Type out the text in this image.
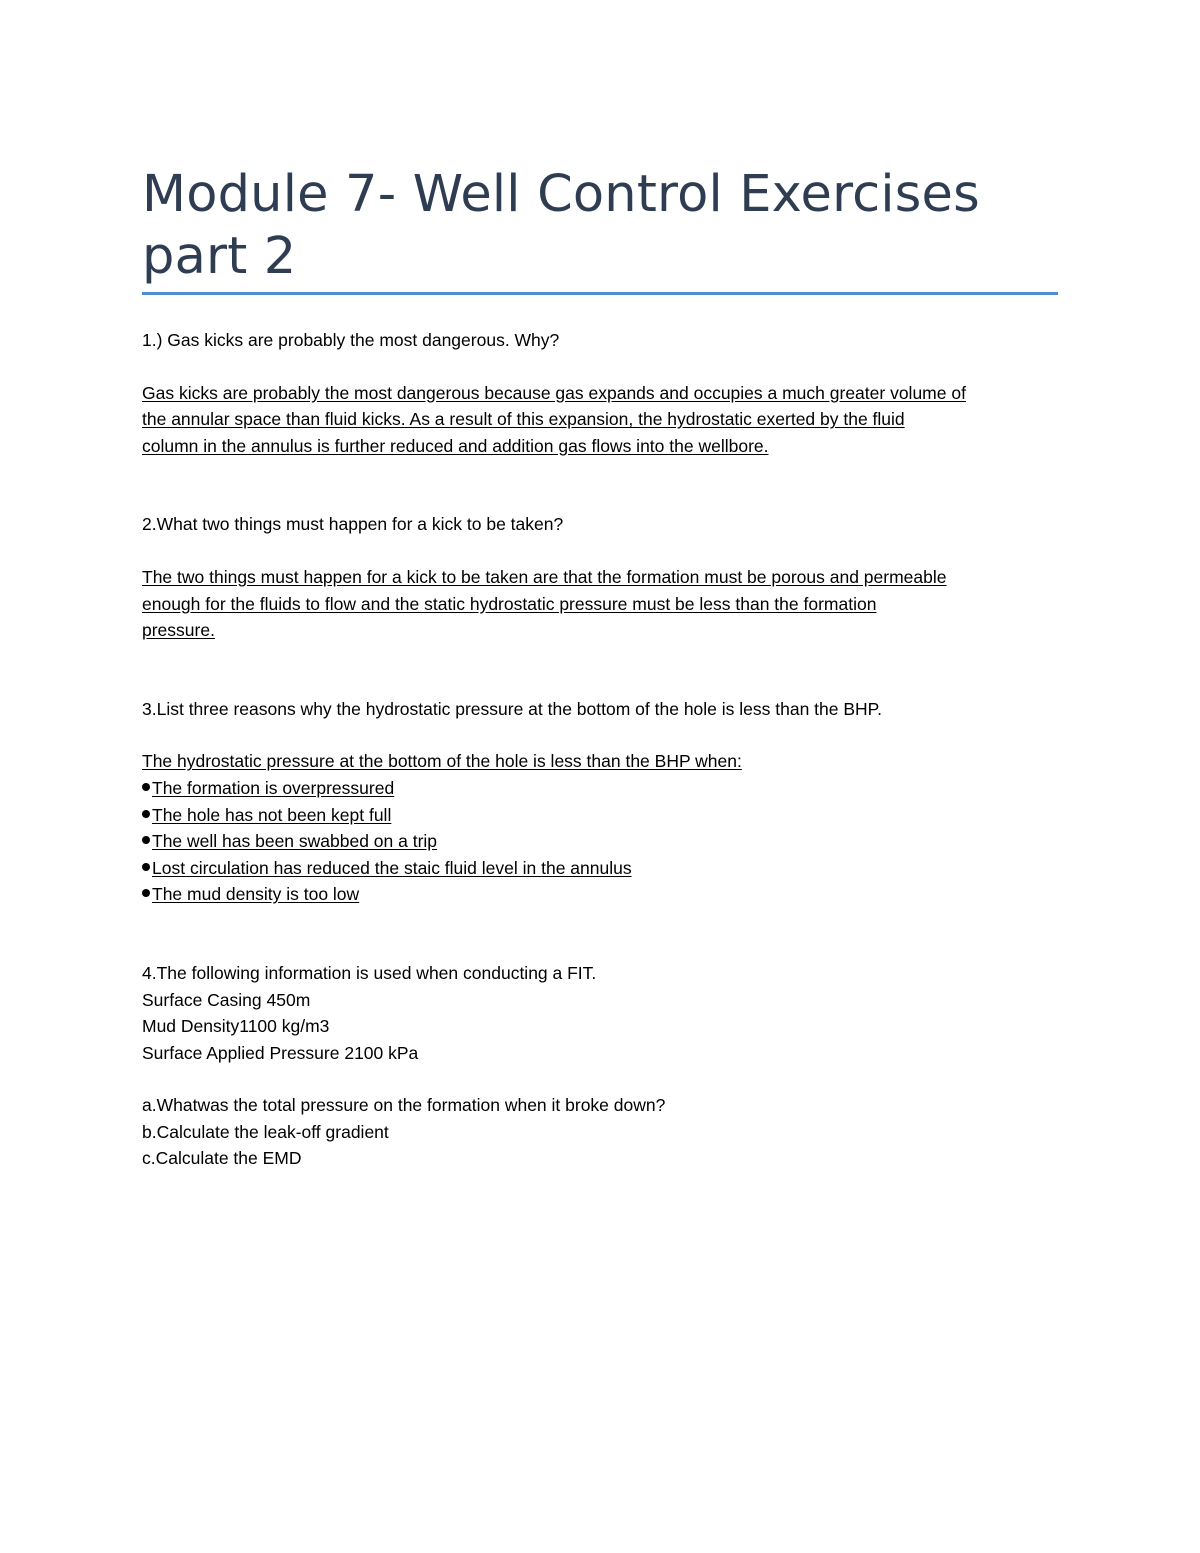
Module 7- Well Control Exercises
part 2

1.) Gas kicks are probably the most dangerous. Why?

Gas kicks are probably the most dangerous because gas expands and occupies a much greater volume of

the annular space than fluid kicks. As a result of this expansion, the hydrostatic exerted by the fluid

column in the annulus is further reduced and addition gas flows into the wellbore.

2.What two things must happen for a kick to be taken?

The two things must happen for a kick to be taken are that the formation must be porous and permeable

enough for the fluids to flow and the static hydrostatic pressure must be less than the formation

pressure.

3.List three reasons why the hydrostatic pressure at the bottom of the hole is less than the BHP.

The hydrostatic pressure at the bottom of the hole is less than the BHP when:

The formation is overpressured

The hole has not been kept full

The well has been swabbed on a trip

Lost circulation has reduced the staic fluid level in the annulus

The mud density is too low

4.The following information is used when conducting a FIT.

Surface Casing 450m

Mud Density1100 kg/m3

Surface Applied Pressure 2100 kPa

a.Whatwas the total pressure on the formation when it broke down?

b.Calculate the leak-off gradient

c.Calculate the EMD
